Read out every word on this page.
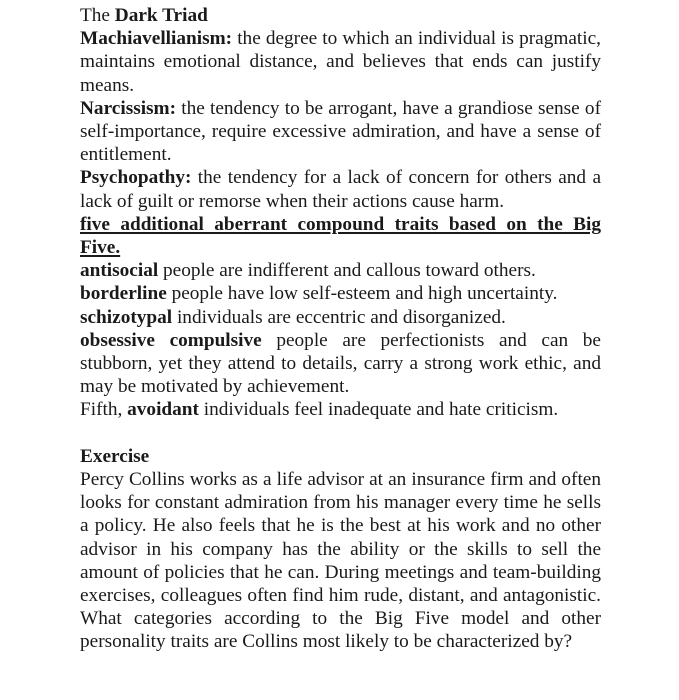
The Dark Triad

Machiavellianism: the degree to which an individual is pragmatic, maintains emotional distance, and believes that ends can justify means.

Narcissism: the tendency to be arrogant, have a grandiose sense of self-importance, require excessive admiration, and have a sense of entitlement.

Psychopathy: the tendency for a lack of concern for others and a lack of guilt or remorse when their actions cause harm.

five additional aberrant compound traits based on the Big Five.

antisocial people are indifferent and callous toward others.

borderline people have low self-esteem and high uncertainty.

schizotypal individuals are eccentric and disorganized.

obsessive compulsive people are perfectionists and can be stubborn, yet they attend to details, carry a strong work ethic, and may be motivated by achievement.

Fifth, avoidant individuals feel inadequate and hate criticism.

Exercise

Percy Collins works as a life advisor at an insurance firm and often looks for constant admiration from his manager every time he sells a policy. He also feels that he is the best at his work and no other advisor in his company has the ability or the skills to sell the amount of policies that he can. During meetings and team-building exercises, colleagues often find him rude, distant, and antagonistic. What categories according to the Big Five model and other personality traits are Collins most likely to be characterized by?
